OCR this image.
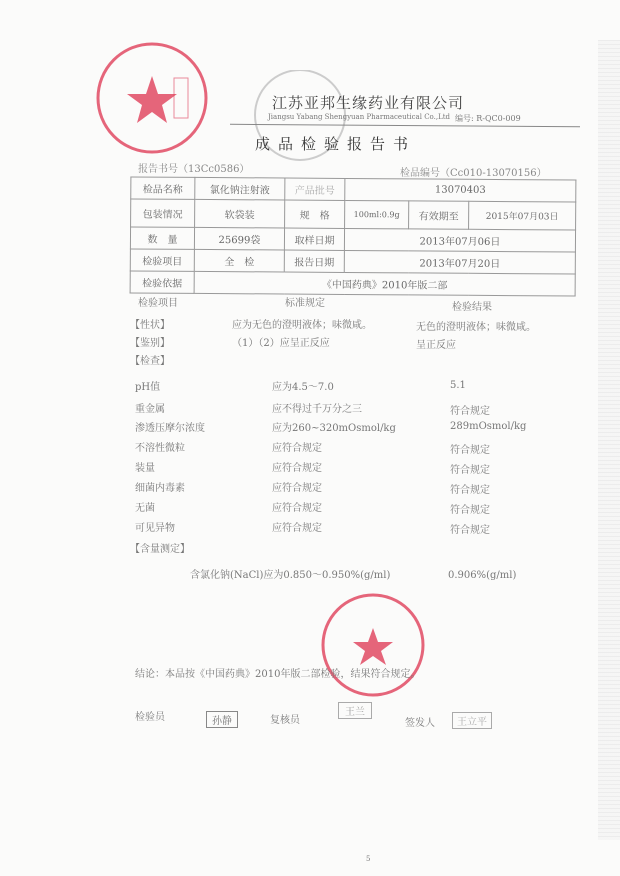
江苏亚邦生缘药业有限公司
Jiangsu Yabang Shengyuan Pharmaceutical Co.,Ltd 编号: R-QC0-009
成品检验报告书
报告书号（13Cc0586）	检品编号（Cc010-13070156）
检品名称	氯化钠注射液	产品批号	13070403		
包装情况	软袋装	规　格	100ml:0.9g	有效期至	2015年07月03日
数　量	25699袋	取样日期	2013年07月06日		
检验项目	全　检	报告日期	2013年07月20日		
检验依据	《中国药典》2010年版二部				
检验项目	标准规定	检验结果
【性状】	应为无色的澄明液体；味微咸。	无色的澄明液体；味微咸。
【鉴别】	（1）（2）应呈正反应	呈正反应
【检查】
pH值	应为4.5～7.0	5.1
重金属	应不得过千万分之三	符合规定
渗透压摩尔浓度	应为260~320mOsmol/kg	289mOsmol/kg
不溶性微粒	应符合规定	符合规定
装量	应符合规定	符合规定
细菌内毒素	应符合规定	符合规定
无菌	应符合规定	符合规定
可见异物	应符合规定	符合规定
【含量测定】
含氯化钠(NaCl)应为0.850～0.950%(g/ml)	0.906%(g/ml)
结论：本品按《中国药典》2010年版二部检验，结果符合规定。
检验员	孙静	复核员
王兰
签发人	王立平
5
